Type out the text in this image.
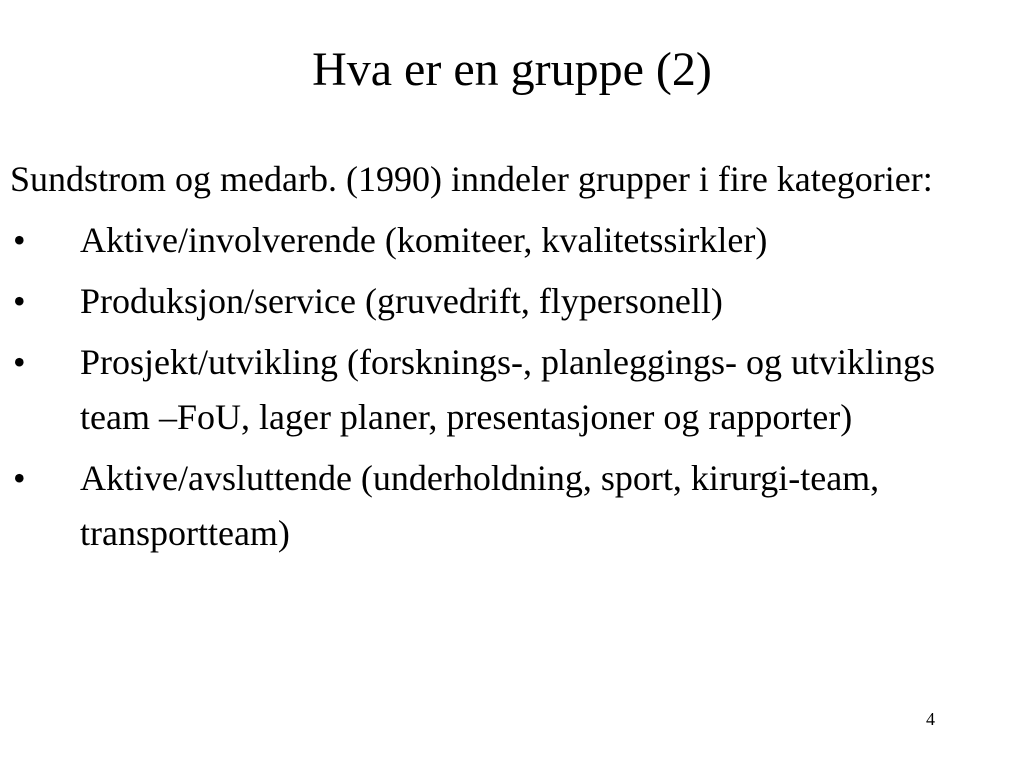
Hva er en gruppe (2)

Sundstrom og medarb. (1990) inndeler grupper i fire kategorier:

• Aktive/involverende (komiteer, kvalitetssirkler)
• Produksjon/service (gruvedrift, flypersonell)
• Prosjekt/utvikling (forsknings-, planleggings- og utviklings team –FoU, lager planer, presentasjoner og rapporter)
• Aktive/avsluttende (underholdning, sport, kirurgi-team, transportteam)
4
